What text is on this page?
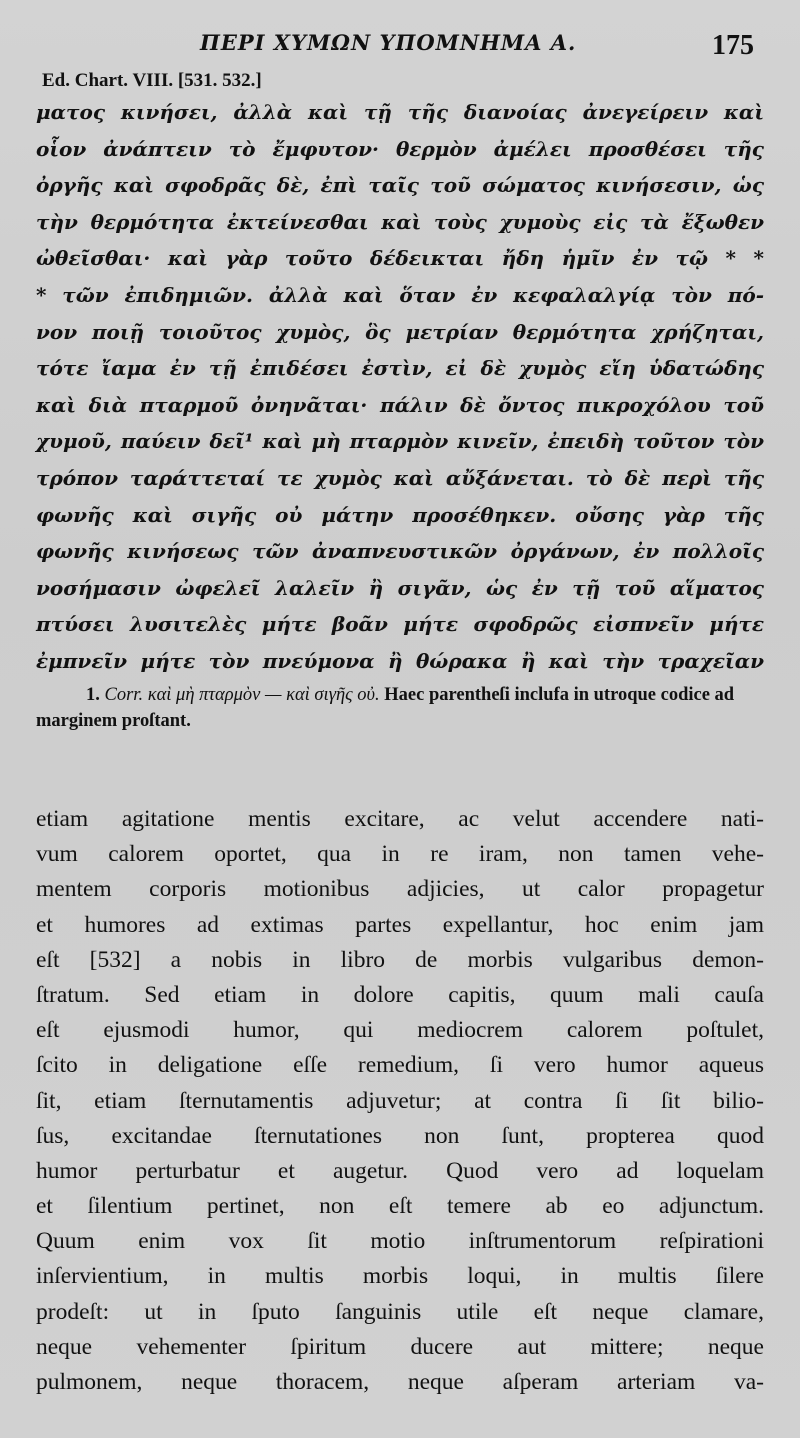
ΠΕΡΙ ΧΥΜΩΝ ΥΠΟΜΝΗΜΑ Α.	175
Ed. Chart. VIII. [531. 532.]
ματος κινήσει, ἀλλὰ καὶ τῇ τῆς διανοίας ἀνεγείρειν καὶ
οἷον ἀνάπτειν τὸ ἔμφυτον· θερμὸν ἀμέλει προσθέσει τῆς
ὀργῆς καὶ σφοδρᾶς δὲ, ἐπὶ ταῖς τοῦ σώματος κινήσεσιν, ὡς
τὴν θερμότητα ἐκτείνεσθαι καὶ τοὺς χυμοὺς εἰς τὰ ἔξωθεν
ὠθεῖσθαι· καὶ γὰρ τοῦτο δέδεικται ἤδη ἡμῖν ἐν τῷ * *
* τῶν ἐπιδημιῶν. ἀλλὰ καὶ ὅταν ἐν κεφαλαλγίᾳ τὸν πό-
νον ποιῇ τοιοῦτος χυμὸς, ὃς μετρίαν θερμότητα χρήζηται,
τότε ἴαμα ἐν τῇ ἐπιδέσει ἐστὶν, εἰ δὲ χυμὸς εἴη ὑδατώδης
καὶ διὰ πταρμοῦ ὀνηνᾶται· πάλιν δὲ ὄντος πικροχόλου τοῦ
χυμοῦ, παύειν δεῖ¹ καὶ μὴ πταρμὸν κινεῖν, ἐπειδὴ τοῦτον τὸν
τρόπον ταράττεταί τε χυμὸς καὶ αὔξάνεται. τὸ δὲ περὶ τῆς
φωνῆς καὶ σιγῆς οὐ μάτην προσέθηκεν. οὔσης γὰρ τῆς
φωνῆς κινήσεως τῶν ἀναπνευστικῶν ὀργάνων, ἐν πολλοῖς
νοσήμασιν ὠφελεῖ λαλεῖν ἢ σιγᾶν, ὡς ἐν τῇ τοῦ αἵματος
πτύσει λυσιτελὲς μήτε βοᾶν μήτε σφοδρῶς εἰσπνεῖν μήτε
ἐμπνεῖν μήτε τὸν πνεύμονα ἢ θώρακα ἢ καὶ τὴν τραχεῖαν

1. Corr. καὶ μὴ πταρμὸν — καὶ σιγῆς οὐ. Haec parentheſi inclufa in utroque codice ad marginem proſtant.

etiam agitatione mentis excitare, ac velut accendere nati-
vum calorem oportet, qua in re iram, non tamen vehe-
mentem corporis motionibus adjicies, ut calor propagetur
et humores ad extimas partes expellantur, hoc enim jam
eſt [532] a nobis in libro de morbis vulgaribus demon-
ſtratum. Sed etiam in dolore capitis, quum mali cauſa
eſt ejusmodi humor, qui mediocrem calorem poſtulet,
ſcito in deligatione eſſe remedium, ſi vero humor aqueus
ſit, etiam ſternutamentis adjuvetur; at contra ſi ſit bilio-
ſus, excitandae ſternutationes non ſunt, propterea quod
humor perturbatur et augetur. Quod vero ad loquelam
et ſilentium pertinet, non eſt temere ab eo adjunctum.
Quum enim vox ſit motio inſtrumentorum reſpirationi
inſervientium, in multis morbis loqui, in multis ſilere
prodeſt: ut in ſputo ſanguinis utile eſt neque clamare,
neque vehementer ſpiritum ducere aut mittere; neque
pulmonem, neque thoracem, neque aſperam arteriam va-
